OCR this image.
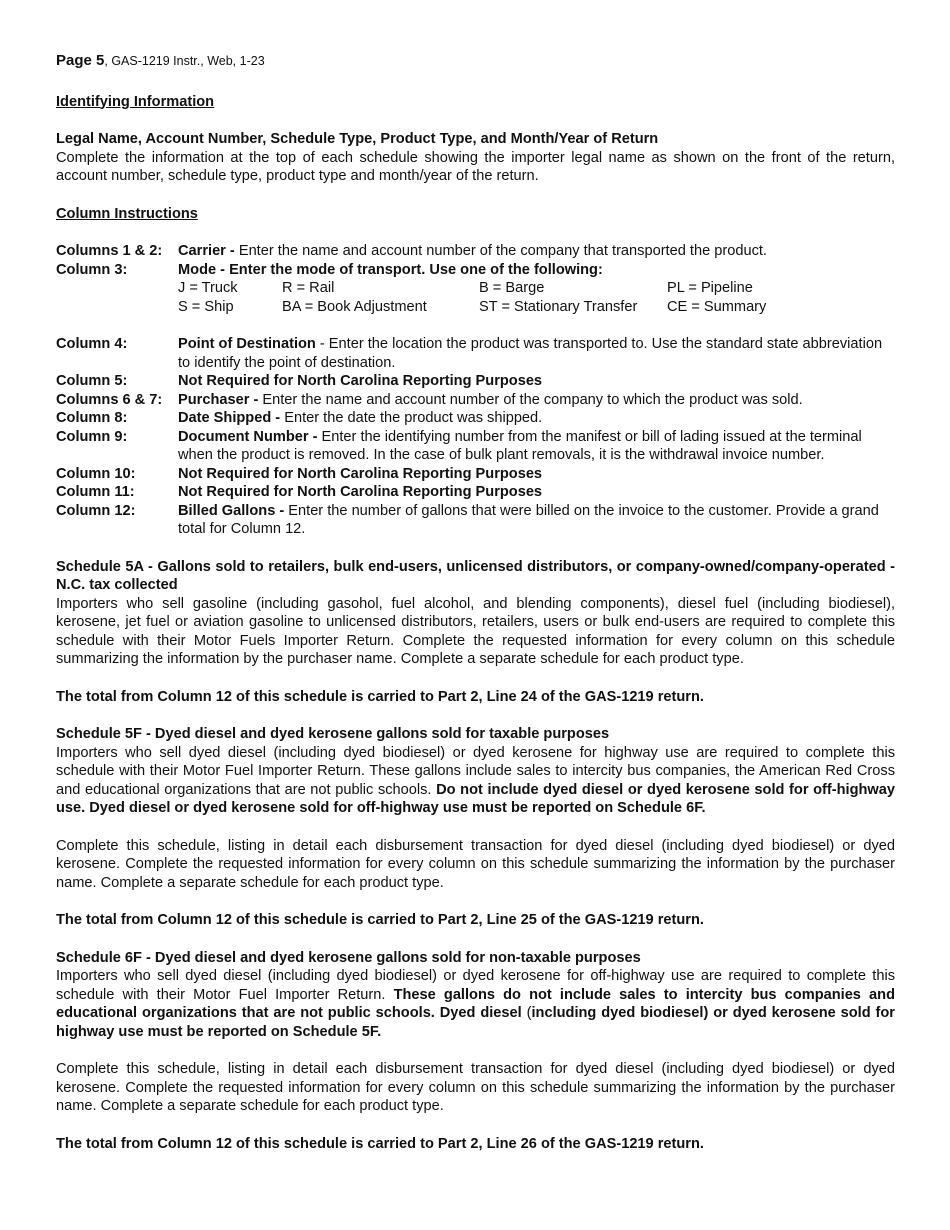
Page 5, GAS-1219 Instr., Web, 1-23
Identifying Information

Legal Name, Account Number, Schedule Type, Product Type, and Month/Year of Return

Complete the information at the top of each schedule showing the importer legal name as shown on the front of the return, account number, schedule type, product type and month/year of the return.

Column Instructions
Columns 1 & 2:	Carrier - Enter the name and account number of the company that transported the product.
Column 3:	Mode - Enter the mode of transport. Use one of the following:
J = Truck	R = Rail	B = Barge	PL = Pipeline
S = Ship	BA = Book Adjustment	ST = Stationary Transfer	CE = Summary
Column 4:	Point of Destination - Enter the location the product was transported to. Use the standard state abbreviation to identify the point of destination.
Column 5:	Not Required for North Carolina Reporting Purposes
Columns 6 & 7:	Purchaser - Enter the name and account number of the company to which the product was sold.
Column 8:	Date Shipped - Enter the date the product was shipped.
Column 9:	Document Number - Enter the identifying number from the manifest or bill of lading issued at the terminal when the product is removed. In the case of bulk plant removals, it is the withdrawal invoice number.
Column 10:	Not Required for North Carolina Reporting Purposes
Column 11:	Not Required for North Carolina Reporting Purposes
Column 12:	Billed Gallons - Enter the number of gallons that were billed on the invoice to the customer. Provide a grand total for Column 12.

Schedule 5A - Gallons sold to retailers, bulk end-users, unlicensed distributors, or company-owned/company-operated - N.C. tax collected

Importers who sell gasoline (including gasohol, fuel alcohol, and blending components), diesel fuel (including biodiesel), kerosene, jet fuel or aviation gasoline to unlicensed distributors, retailers, users or bulk end-users are required to complete this schedule with their Motor Fuels Importer Return. Complete the requested information for every column on this schedule summarizing the information by the purchaser name. Complete a separate schedule for each product type.

The total from Column 12 of this schedule is carried to Part 2, Line 24 of the GAS-1219 return.

Schedule 5F - Dyed diesel and dyed kerosene gallons sold for taxable purposes

Importers who sell dyed diesel (including dyed biodiesel) or dyed kerosene for highway use are required to complete this schedule with their Motor Fuel Importer Return. These gallons include sales to intercity bus companies, the American Red Cross and educational organizations that are not public schools. Do not include dyed diesel or dyed kerosene sold for off-highway use. Dyed diesel or dyed kerosene sold for off-highway use must be reported on Schedule 6F.

Complete this schedule, listing in detail each disbursement transaction for dyed diesel (including dyed biodiesel) or dyed kerosene. Complete the requested information for every column on this schedule summarizing the information by the purchaser name. Complete a separate schedule for each product type.
The total from Column 12 of this schedule is carried to Part 2, Line 25 of the GAS-1219 return.

Schedule 6F - Dyed diesel and dyed kerosene gallons sold for non-taxable purposes

Importers who sell dyed diesel (including dyed biodiesel) or dyed kerosene for off-highway use are required to complete this schedule with their Motor Fuel Importer Return. These gallons do not include sales to intercity bus companies and educational organizations that are not public schools. Dyed diesel (including dyed biodiesel) or dyed kerosene sold for highway use must be reported on Schedule 5F.

Complete this schedule, listing in detail each disbursement transaction for dyed diesel (including dyed biodiesel) or dyed kerosene. Complete the requested information for every column on this schedule summarizing the information by the purchaser name. Complete a separate schedule for each product type.
The total from Column 12 of this schedule is carried to Part 2, Line 26 of the GAS-1219 return.
